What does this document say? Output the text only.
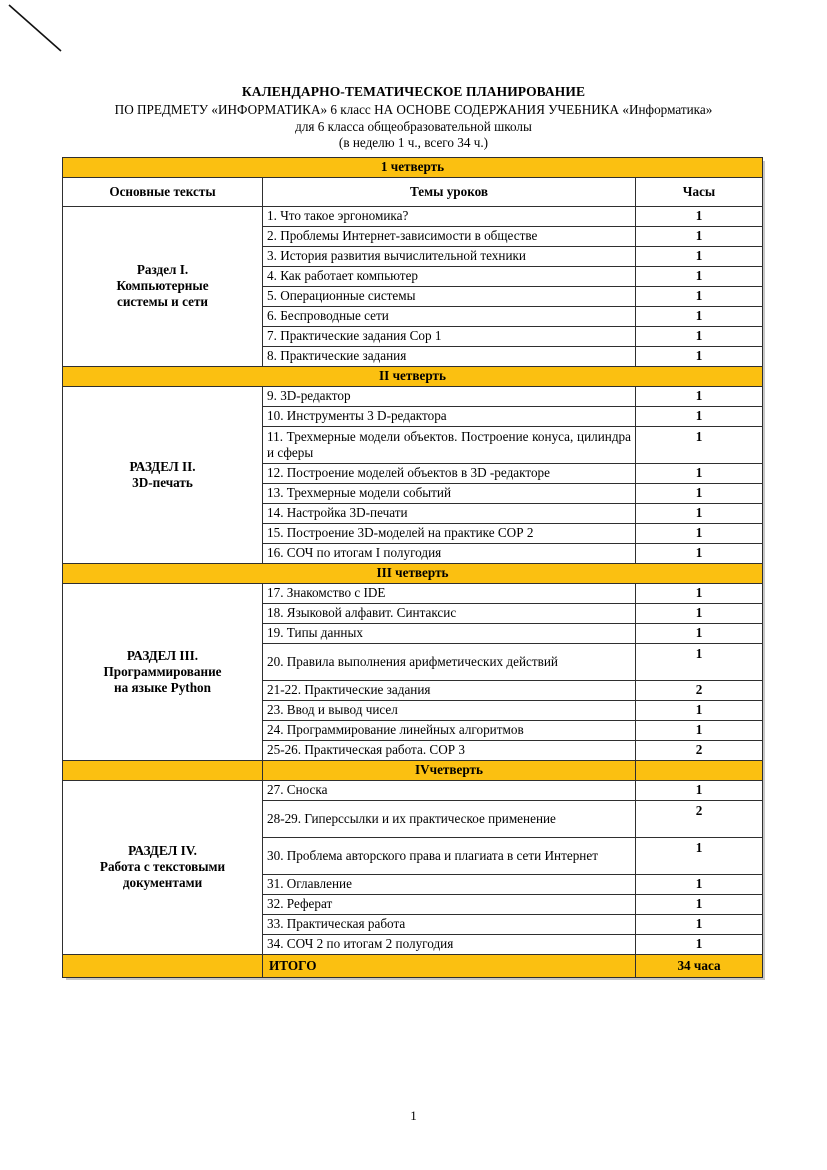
КАЛЕНДАРНО-ТЕМАТИЧЕСКОЕ ПЛАНИРОВАНИЕ
ПО ПРЕДМЕТУ «ИНФОРМАТИКА» 6 класс НА ОСНОВЕ СОДЕРЖАНИЯ УЧЕБНИКА «Информатика»
для 6 класса общеобразовательной школы
(в неделю 1 ч., всего 34 ч.)
1 четверть		
Основные тексты	Темы уроков	Часы

Раздел I.
Компьютерные
системы и сети	1. Что такое эргономика?	1
	2. Проблемы Интернет-зависимости в обществе	1
	3. История развития вычислительной техники	1
	4. Как работает компьютер	1
	5. Операционные системы	1
	6. Беспроводные сети	1
	7. Практические задания Сор 1	1
	8. Практические задания	1
II четверть		

РАЗДЕЛ II.
3D-печать	9. 3D-редактор	1
	10. Инструменты 3 D-редактора	1
	11. Трехмерные модели объектов. Построение конуса, цилиндра и сферы	1
	12. Построение моделей объектов в 3D -редакторе	1
	13. Трехмерные модели событий	1
	14. Настройка 3D-печати	1
	15. Построение 3D-моделей на практике СОР 2	1
	16. СОЧ по итогам I полугодия	1
III четверть		

РАЗДЕЛ III.
Программирование
на языке Python	17. Знакомство с IDE	1
	18. Языковой алфавит. Синтаксис	1
	19. Типы данных	1
	20. Правила выполнения арифметических действий	1
	21-22. Практические задания	2
	23. Ввод и вывод чисел	1
	24. Программирование линейных алгоритмов	1
	25-26. Практическая работа. СОР 3	2
	IVчетверть	

РАЗДЕЛ IV.
Работа с текстовыми
документами	27. Сноска	1
	28-29. Гиперссылки и их практическое применение	2
	30. Проблема авторского права и плагиата в сети Интернет	1
	31. Оглавление	1
	32. Реферат	1
	33. Практическая работа	1
	34. СОЧ 2 по итогам 2 полугодия	1
	ИТОГО	34 часа
1
